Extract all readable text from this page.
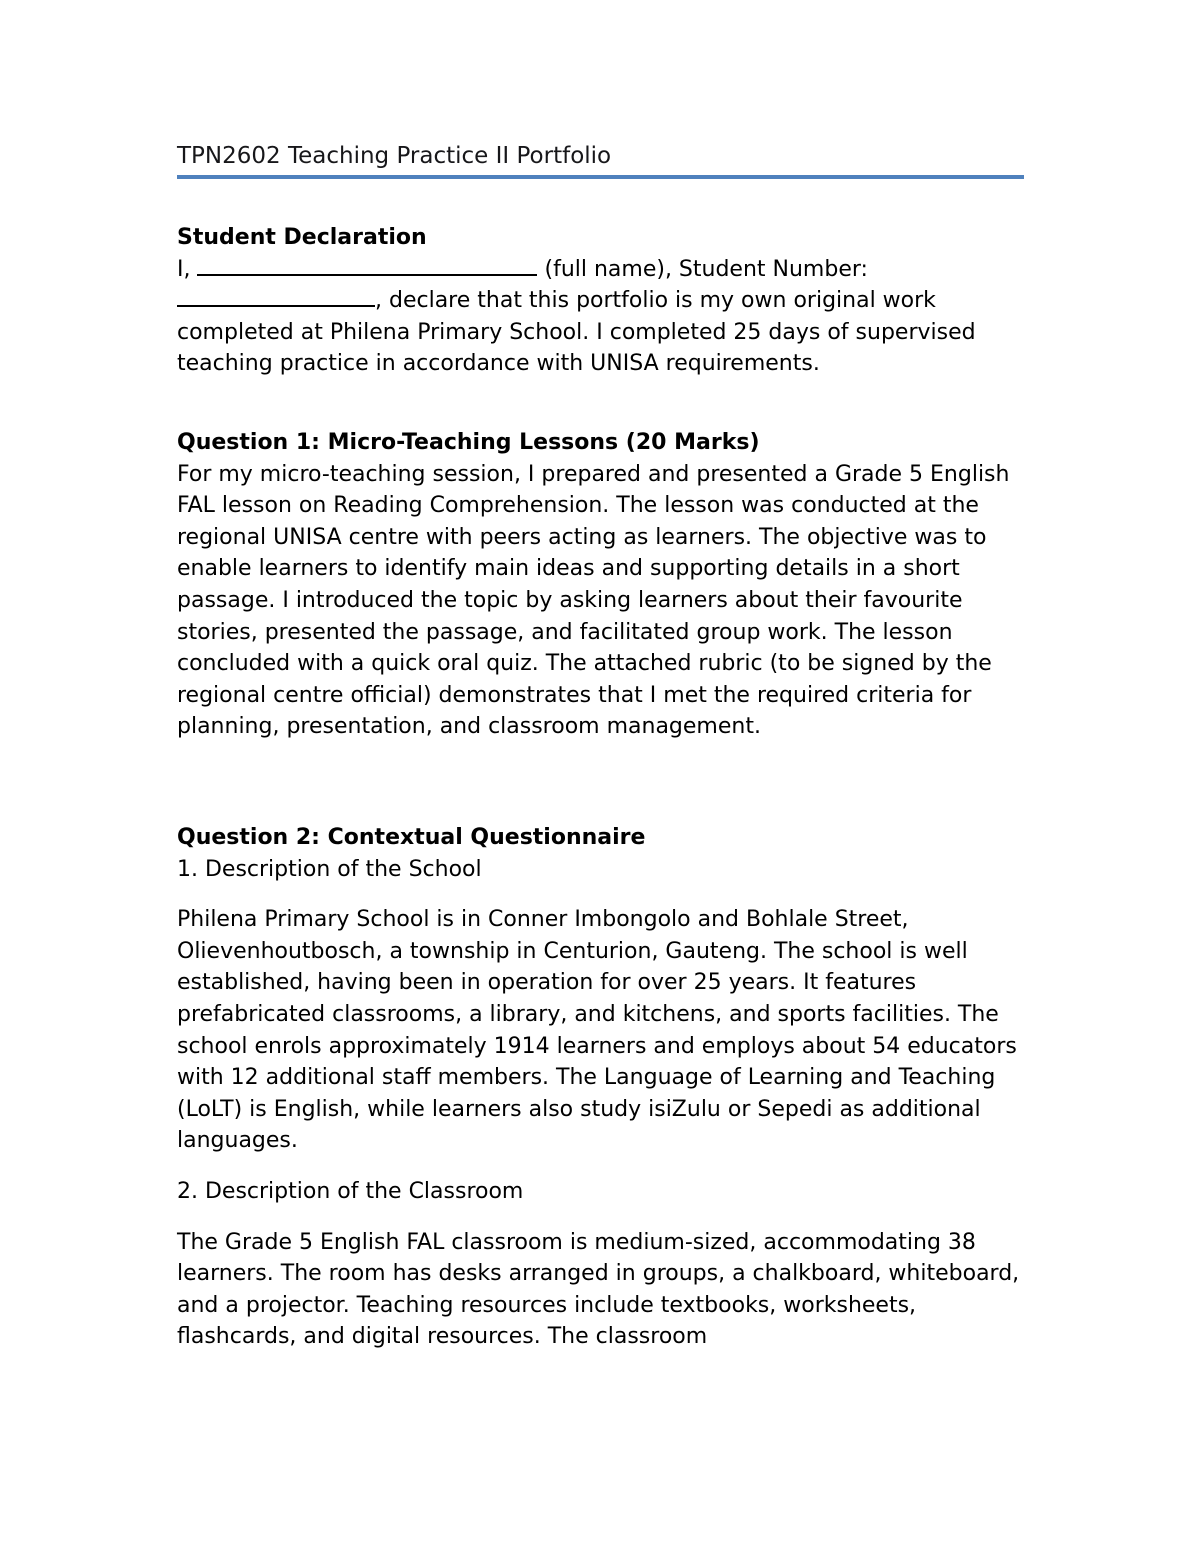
TPN2602 Teaching Practice II Portfolio

Student Declaration

I,	(full name), Student Number:
, declare that this portfolio is my own original work completed at Philena Primary School. I completed 25 days of supervised teaching practice in accordance with UNISA requirements.

Question 1: Micro-Teaching Lessons (20 Marks)

For my micro-teaching session, I prepared and presented a Grade 5 English FAL lesson on Reading Comprehension. The lesson was conducted at the regional UNISA centre with peers acting as learners. The objective was to enable learners to identify main ideas and supporting details in a short passage. I introduced the topic by asking learners about their favourite stories, presented the passage, and facilitated group work. The lesson concluded with a quick oral quiz. The attached rubric (to be signed by the regional centre official) demonstrates that I met the required criteria for planning, presentation, and classroom management.

Question 2: Contextual Questionnaire

1. Description of the School

Philena Primary School is in Conner Imbongolo and Bohlale Street, Olievenhoutbosch, a township in Centurion, Gauteng. The school is well established, having been in operation for over 25 years. It features prefabricated classrooms, a library, and kitchens, and sports facilities. The school enrols approximately 1914 learners and employs about 54 educators with 12 additional staff members. The Language of Learning and Teaching (LoLT) is English, while learners also study isiZulu or Sepedi as additional languages.

2. Description of the Classroom

The Grade 5 English FAL classroom is medium-sized, accommodating 38 learners. The room has desks arranged in groups, a chalkboard, whiteboard, and a projector. Teaching resources include textbooks, worksheets, flashcards, and digital resources. The classroom
